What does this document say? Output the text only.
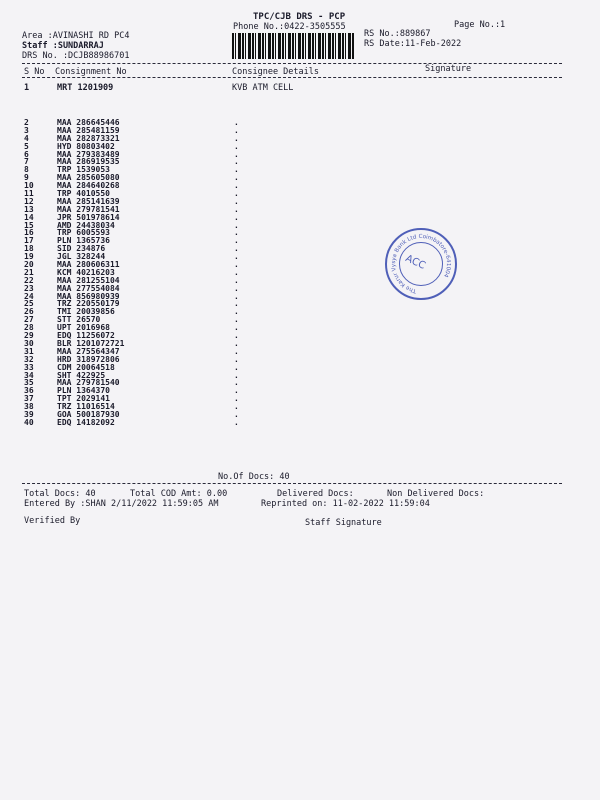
TPC/CJB DRS - PCP
Phone No.:0422-3505555	Page No.:1
Area :AVINASHI RD PC4
Staff :SUNDARRAJ
DRS No. :DCJB88986701
RS No.:889867
RS Date:11-Feb-2022
S No Consignment No	Consignee Details	Signature
1	MRT 1201909	KVB ATM CELL
2	MAA 286645446	.
3	MAA 285481159	.
4	MAA 282873321	.
5	HYD 80803402	.
6	MAA 279383489	.
7	MAA 286919535	.
8	TRP 1539053	.
9	MAA 285605080	.
10	MAA 284640268	.
11	TRP 4010550	.
12	MAA 285141639	.
13	MAA 279781541	.
14	JPR 501978614	.
15	AMD 24438034	.
16	TRP 6005593	.
17	PLN 1365736	.
18	SID 234876	.
19	JGL 328244	.
20	MAA 280606311	.
21	KCM 40216203	.
22	MAA 281255104	.
23	MAA 277554084	.
24	MAA 856980939	.
25	TRZ 220550179	.
26	TMI 20039856	.
27	STT 26570	.
28	UPT 2016968	.
29	EDQ 11256072	.
30	BLR 1201072721	.
31	MAA 275564347	.
32	HRD 318972806	.
33	CDM 20064518	.
34	SHT 422925	.
35	MAA 279781540	.
36	PLN 1364370	.
37	TPT 2029141	.
38	TRZ 11016514	.
39	GOA 500187930	.
40	EDQ 14182092	.
No.Of Docs: 40
Total Docs: 40	Total COD Amt: 0.00	Delivered Docs:	Non Delivered Docs:
Entered By :SHAN 2/11/2022 11:59:05 AM	Reprinted on: 11-02-2022 11:59:04
Verified By	Staff Signature
ACC
The Karur Vysya Bank Ltd Coimbatore-641004
